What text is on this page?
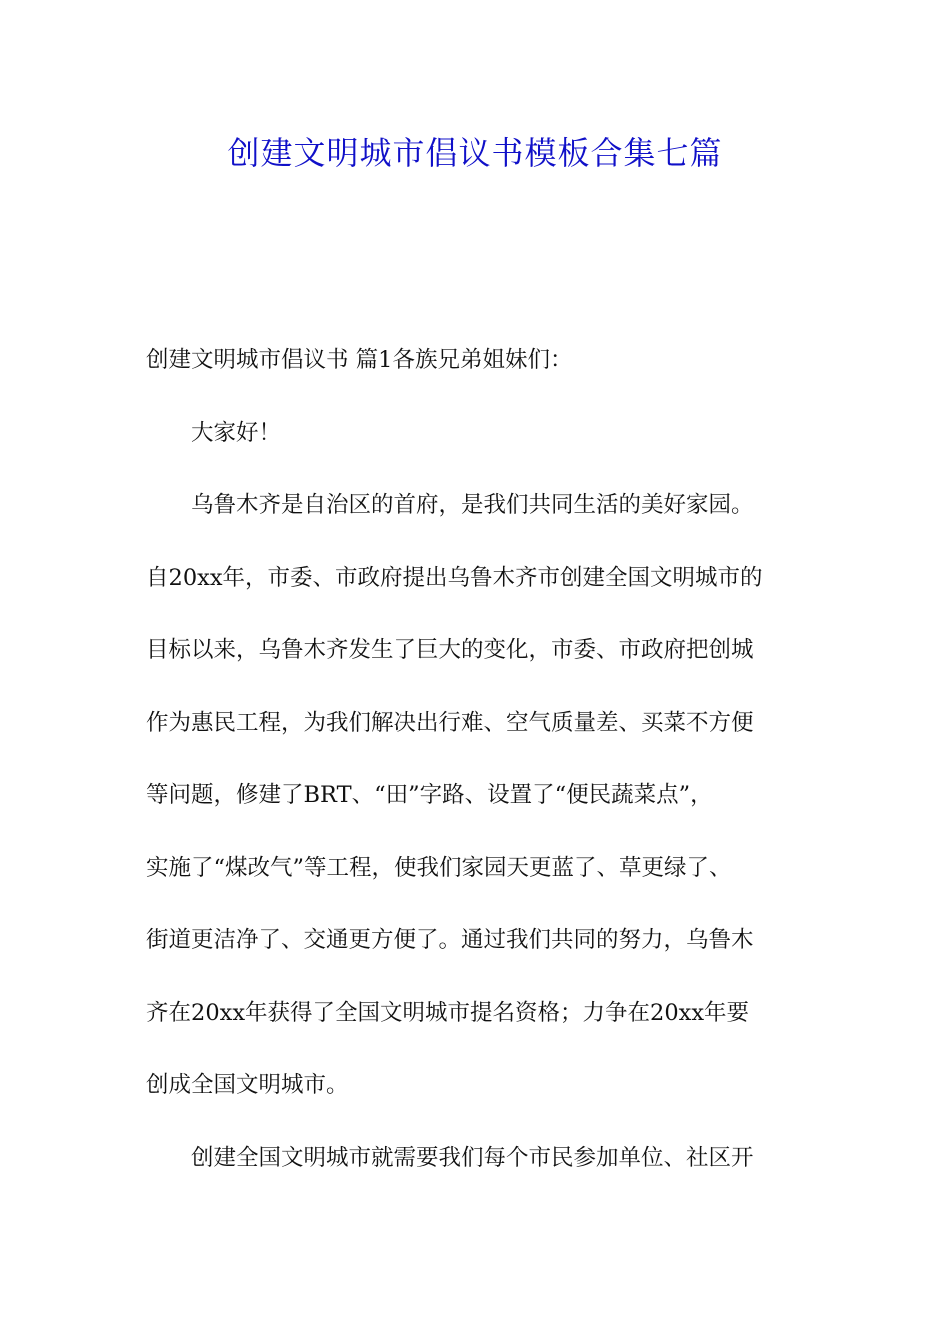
创建文明城市倡议书模板合集七篇
创建文明城市倡议书 篇1各族兄弟姐妹们：
大家好！
乌鲁木齐是自治区的首府，是我们共同生活的美好家园。
自20xx年，市委、市政府提出乌鲁木齐市创建全国文明城市的
目标以来，乌鲁木齐发生了巨大的变化，市委、市政府把创城
作为惠民工程，为我们解决出行难、空气质量差、买菜不方便
等问题，修建了BRT、“田”字路、设置了“便民蔬菜点”，
实施了“煤改气”等工程，使我们家园天更蓝了、草更绿了、
街道更洁净了、交通更方便了。通过我们共同的努力，乌鲁木
齐在20xx年获得了全国文明城市提名资格；力争在20xx年要
创成全国文明城市。
创建全国文明城市就需要我们每个市民参加单位、社区开
